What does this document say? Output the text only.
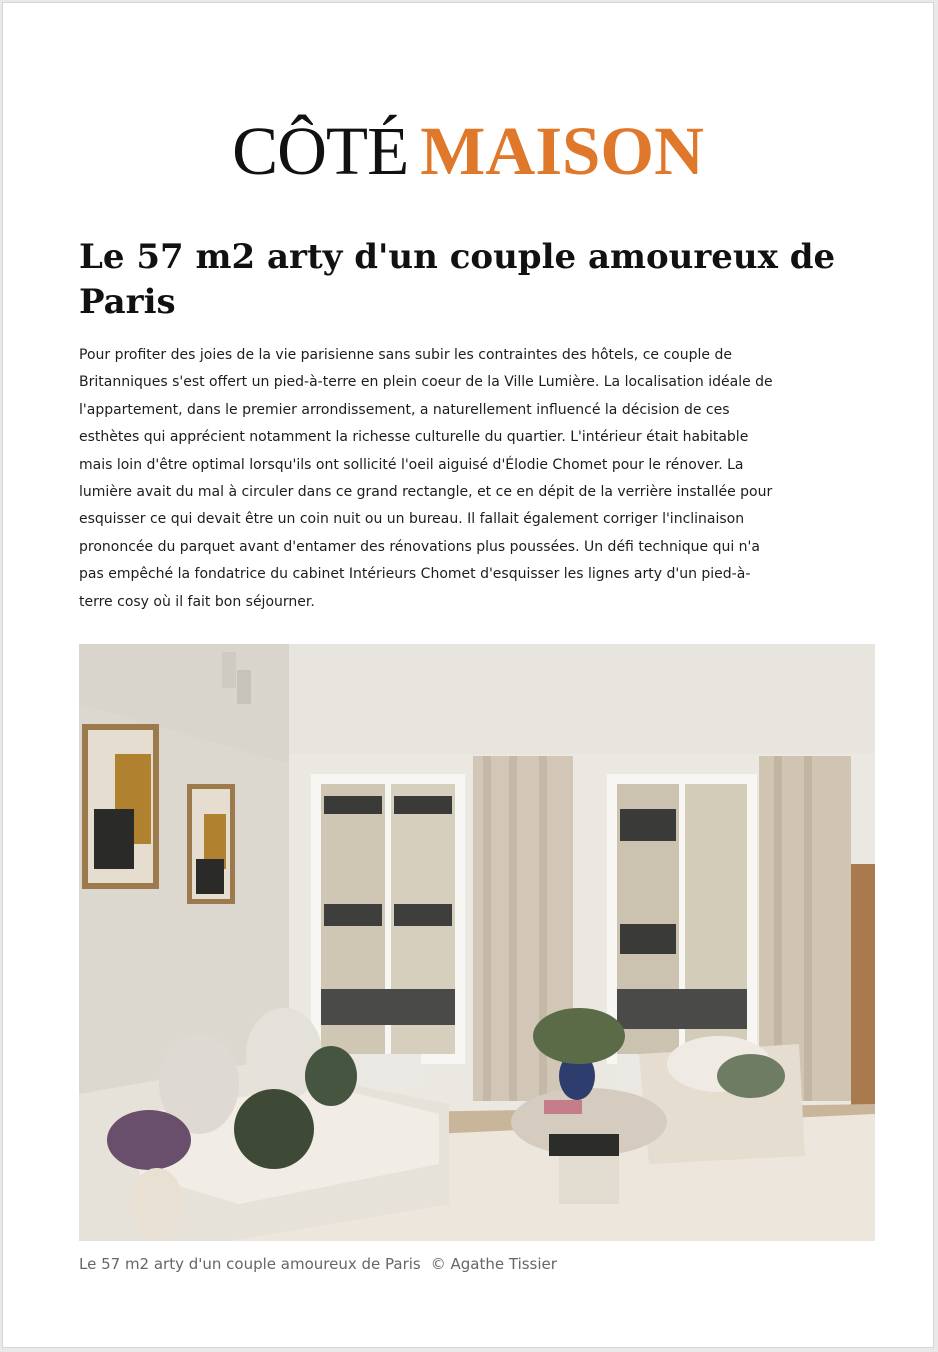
CÔTÉ MAISON
Le 57 m2 arty d'un couple amoureux de Paris

Pour profiter des joies de la vie parisienne sans subir les contraintes des hôtels, ce couple de Britanniques s'est offert un pied-à-terre en plein coeur de la Ville Lumière. La localisation idéale de l'appartement, dans le premier arrondissement, a naturellement influencé la décision de ces esthètes qui apprécient notamment la richesse culturelle du quartier. L'intérieur était habitable mais loin d'être optimal lorsqu'ils ont sollicité l'oeil aiguisé d'Élodie Chomet pour le rénover. La lumière avait du mal à circuler dans ce grand rectangle, et ce en dépit de la verrière installée pour esquisser ce qui devait être un coin nuit ou un bureau. Il fallait également corriger l'inclinaison prononcée du parquet avant d'entamer des rénovations plus poussées. Un défi technique qui n'a pas empêché la fondatrice du cabinet Intérieurs Chomet d'esquisser les lignes arty d'un pied-à-terre cosy où il fait bon séjourner.

Le 57 m2 arty d'un couple amoureux de Paris © Agathe Tissier
